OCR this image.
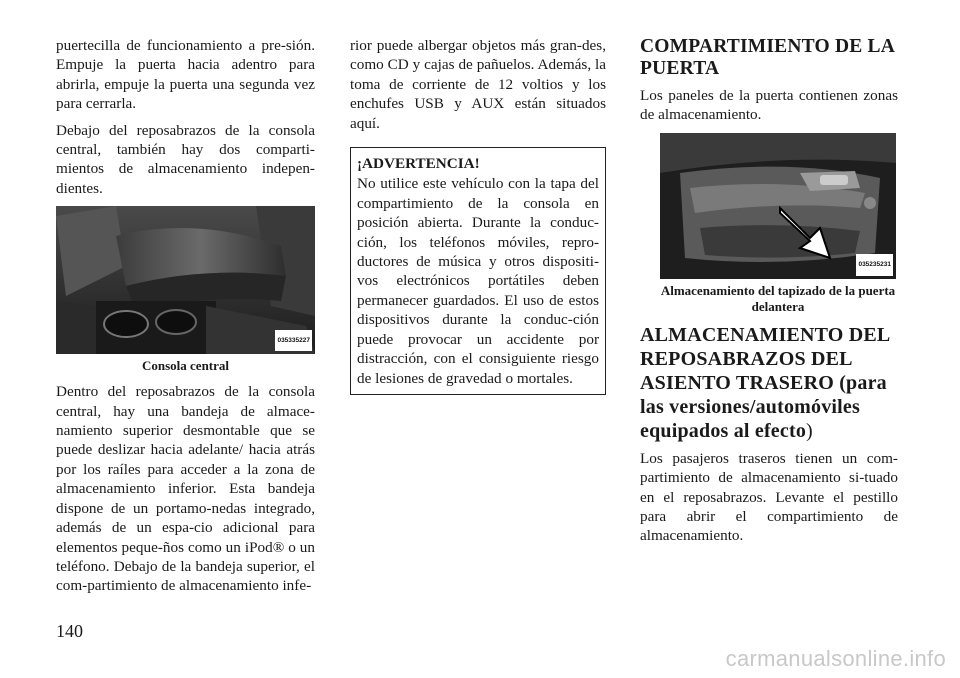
puertecilla de funcionamiento a pre-sión. Empuje la puerta hacia adentro para abrirla, empuje la puerta una segunda vez para cerrarla.

Debajo del reposabrazos de la consola central, también hay dos comparti-mientos de almacenamiento indepen-dientes.

035335227
Consola central

Dentro del reposabrazos de la consola central, hay una bandeja de almace-namiento superior desmontable que se puede deslizar hacia adelante/ hacia atrás por los raíles para acceder a la zona de almacenamiento inferior. Esta bandeja dispone de un portamo-nedas integrado, además de un espa-cio adicional para elementos peque-ños como un iPod® o un teléfono. Debajo de la bandeja superior, el com-partimiento de almacenamiento infe-

rior puede albergar objetos más gran-des, como CD y cajas de pañuelos. Además, la toma de corriente de 12 voltios y los enchufes USB y AUX están situados aquí.

¡ADVERTENCIA!
No utilice este vehículo con la tapa del compartimiento de la consola en posición abierta. Durante la conduc-ción, los teléfonos móviles, repro-ductores de música y otros dispositi-vos electrónicos portátiles deben permanecer guardados. El uso de estos dispositivos durante la conduc-ción puede provocar un accidente por distracción, con el consiguiente riesgo de lesiones de gravedad o mortales.
COMPARTIMIENTO DE LA PUERTA

Los paneles de la puerta contienen zonas de almacenamiento.

035235231
Almacenamiento del tapizado de la puerta delantera
ALMACENAMIENTO DEL REPOSABRAZOS DEL ASIENTO TRASERO (para las versiones/automóviles equipados al efecto)

Los pasajeros traseros tienen un com-partimiento de almacenamiento si-tuado en el reposabrazos. Levante el pestillo para abrir el compartimiento de almacenamiento.

140
carmanualsonline.info
